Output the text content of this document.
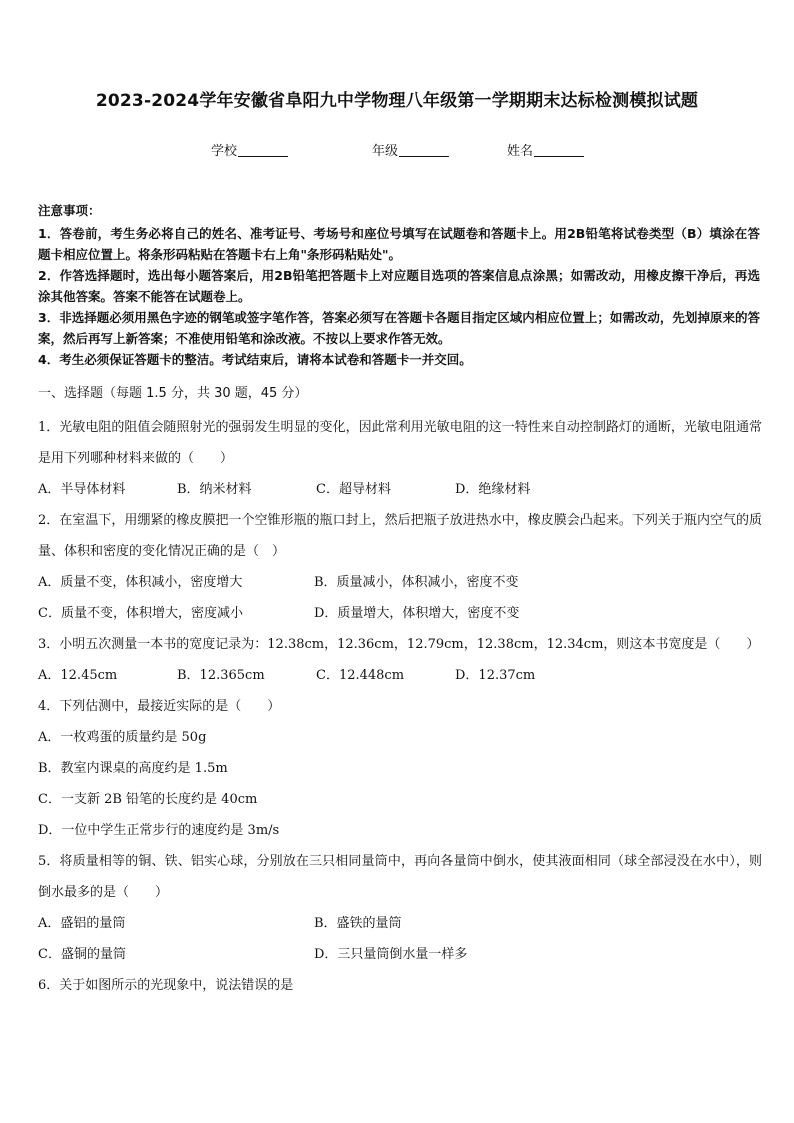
2023-2024学年安徽省阜阳九中学物理八年级第一学期期末达标检测模拟试题
学校	年级	姓名
注意事项：

1．答卷前，考生务必将自己的姓名、准考证号、考场号和座位号填写在试题卷和答题卡上。用2B铅笔将试卷类型（B）填涂在答题卡相应位置上。将条形码粘贴在答题卡右上角"条形码粘贴处"。

2．作答选择题时，选出每小题答案后，用2B铅笔把答题卡上对应题目选项的答案信息点涂黑；如需改动，用橡皮擦干净后，再选涂其他答案。答案不能答在试题卷上。

3．非选择题必须用黑色字迹的钢笔或签字笔作答，答案必须写在答题卡各题目指定区域内相应位置上；如需改动，先划掉原来的答案，然后再写上新答案；不准使用铅笔和涂改液。不按以上要求作答无效。

4．考生必须保证答题卡的整洁。考试结束后，请将本试卷和答题卡一并交回。

一、选择题（每题 1.5 分，共 30 题，45 分）

1．光敏电阻的阻值会随照射光的强弱发生明显的变化，因此常利用光敏电阻的这一特性来自动控制路灯的通断，光敏电阻通常是用下列哪种材料来做的（　　）

A．半导体材料	B．纳米材料	C．超导材料	D．绝缘材料

2．在室温下，用绷紧的橡皮膜把一个空锥形瓶的瓶口封上，然后把瓶子放进热水中，橡皮膜会凸起来。下列关于瓶内空气的质量、体积和密度的变化情况正确的是（　）

A．质量不变，体积减小，密度增大	B．质量减小，体积减小，密度不变
C．质量不变，体积增大，密度减小	D．质量增大，体积增大，密度不变

3．小明五次测量一本书的宽度记录为：12.38cm，12.36cm，12.79cm，12.38cm，12.34cm，则这本书宽度是（　　）

A．12.45cm	B．12.365cm	C．12.448cm	D．12.37cm

4．下列估测中，最接近实际的是（　　）

A．一枚鸡蛋的质量约是 50g
B．教室内课桌的高度约是 1.5m
C．一支新 2B 铅笔的长度约是 40cm
D．一位中学生正常步行的速度约是 3m/s

5．将质量相等的铜、铁、铝实心球，分别放在三只相同量筒中，再向各量筒中倒水，使其液面相同（球全部浸没在水中），则倒水最多的是（　　）

A．盛铝的量筒	B．盛铁的量筒
C．盛铜的量筒	D．三只量筒倒水量一样多

6．关于如图所示的光现象中，说法错误的是
